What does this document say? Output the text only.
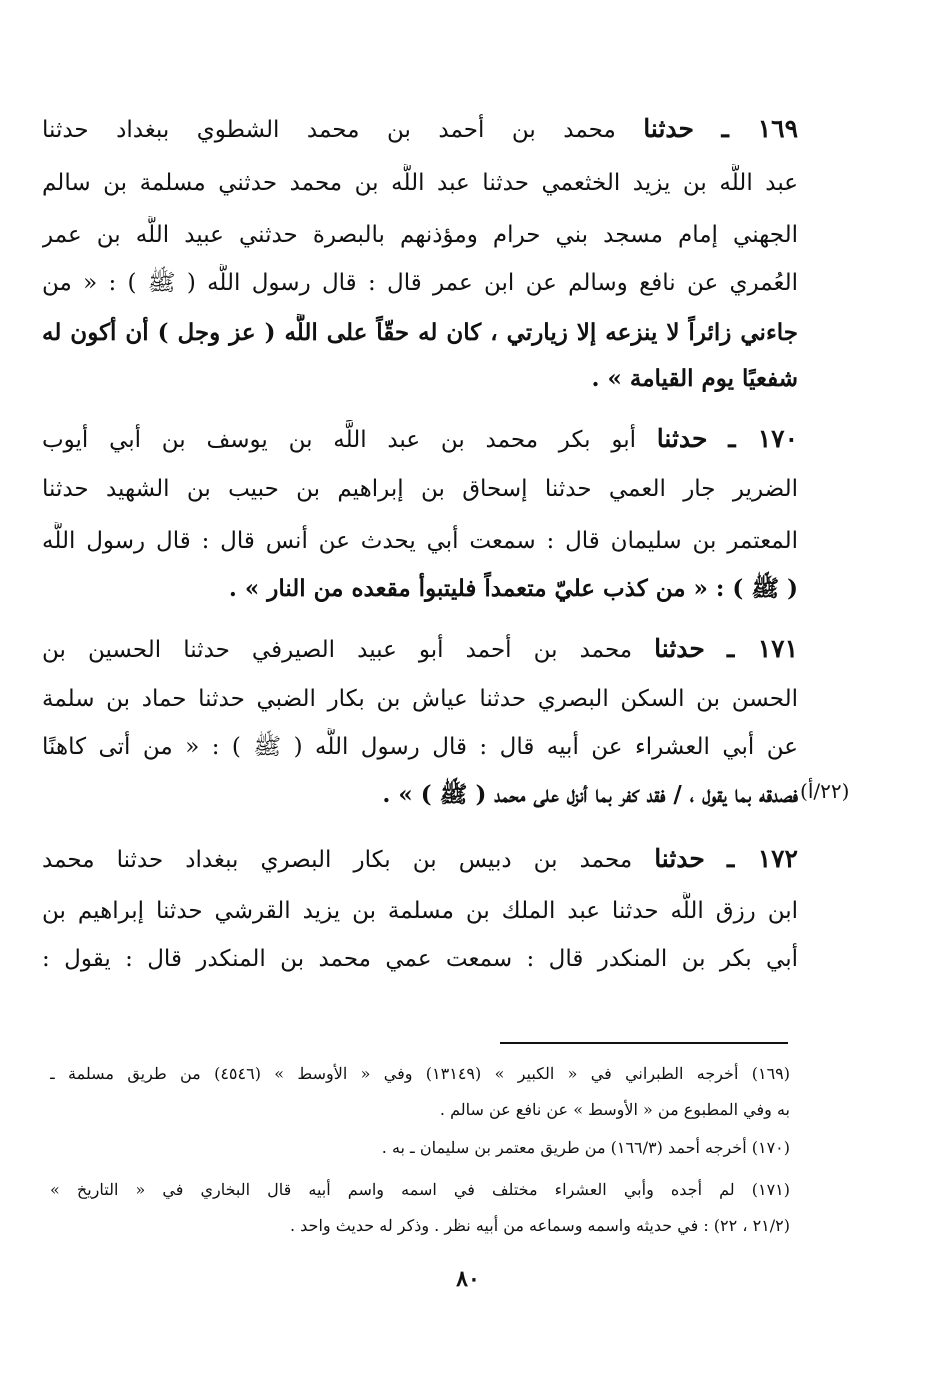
١٦٩ ـ حدثنا محمد بن أحمد بن محمد الشطوي ببغداد حدثنا
عبد اللَّه بن يزيد الخثعمي حدثنا عبد اللَّه بن محمد حدثني مسلمة بن سالم
الجهني إمام مسجد بني حرام ومؤذنهم بالبصرة حدثني عبيد اللَّه بن عمر
العُمري عن نافع وسالم عن ابن عمر قال : قال رسول اللَّه ( ﷺ ) : « من
جاءني زائراً لا ينزعه إلا زيارتي ، كان له حقّاً على اللَّه ( عز وجل ) أن أكون له
شفعيًا يوم القيامة » .
١٧٠ ـ حدثنا أبو بكر محمد بن عبد اللَّه بن يوسف بن أبي أيوب
الضرير جار العمي حدثنا إسحاق بن إبراهيم بن حبيب بن الشهيد حدثنا
المعتمر بن سليمان قال : سمعت أبي يحدث عن أنس قال : قال رسول اللَّه
( ﷺ ) : « من كذب عليّ متعمداً فليتبوأ مقعده من النار » .
١٧١ ـ حدثنا محمد بن أحمد أبو عبيد الصيرفي حدثنا الحسين بن
الحسن بن السكن البصري حدثنا عياش بن بكار الضبي حدثنا حماد بن سلمة
عن أبي العشراء عن أبيه قال : قال رسول اللَّه ( ﷺ ) : « من أتى كاهنًا
فصدقه بما يقول ، / فقد كفر بما أنزل على محمد ( ﷺ ) » . (٢٢/أ)
١٧٢ ـ حدثنا محمد بن دبيس بن بكار البصري ببغداد حدثنا محمد
ابن رزق اللَّه حدثنا عبد الملك بن مسلمة بن يزيد القرشي حدثنا إبراهيم بن
أبي بكر بن المنكدر قال : سمعت عمي محمد بن المنكدر قال : يقول :
(١٦٩) أخرجه الطبراني في « الكبير » (١٣١٤٩) وفي « الأوسط » (٤٥٤٦) من طريق مسلمة ـ
به وفي المطبوع من « الأوسط » عن نافع عن سالم .
(١٧٠) أخرجه أحمد (١٦٦/٣) من طريق معتمر بن سليمان ـ به .
(١٧١) لم أجده وأبي العشراء مختلف في اسمه واسم أبيه قال البخاري في « التاريخ »
(٢١/٢ ، ٢٢) : في حديثه واسمه وسماعه من أبيه نظر . وذكر له حديث واحد .
٨٠
